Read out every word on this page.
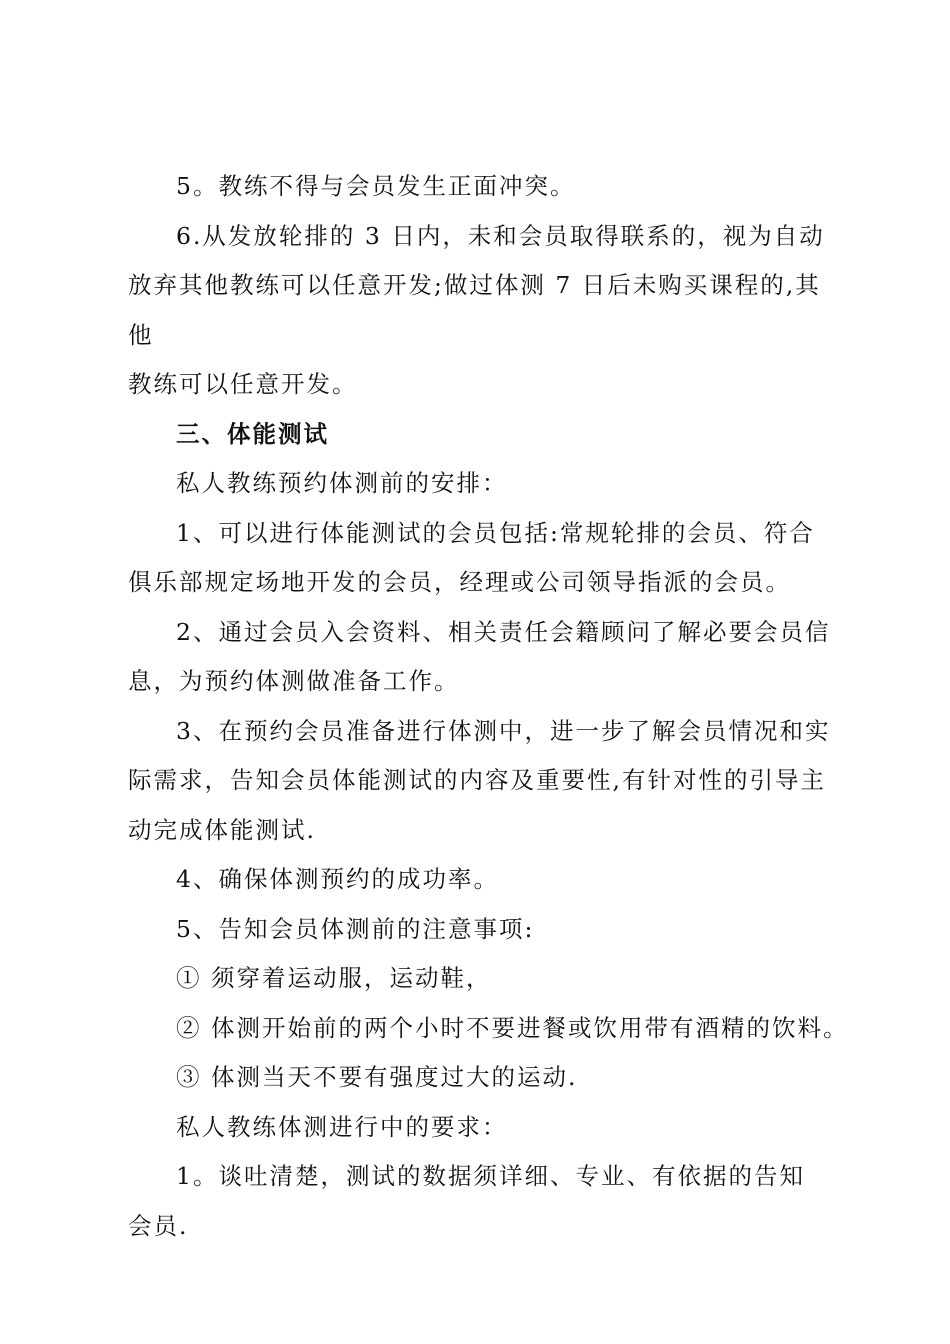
5。教练不得与会员发生正面冲突。

6.从发放轮排的 3 日内，未和会员取得联系的，视为自动
放弃其他教练可以任意开发;做过体测 7 日后未购买课程的,其他
教练可以任意开发。

三、体能测试

私人教练预约体测前的安排：

1、可以进行体能测试的会员包括:常规轮排的会员、符合
俱乐部规定场地开发的会员，经理或公司领导指派的会员。

2、通过会员入会资料、相关责任会籍顾问了解必要会员信
息，为预约体测做准备工作。

3、在预约会员准备进行体测中，进一步了解会员情况和实
际需求，告知会员体能测试的内容及重要性,有针对性的引导主
动完成体能测试.

4、确保体测预约的成功率。

5、告知会员体测前的注意事项:

① 须穿着运动服，运动鞋，

② 体测开始前的两个小时不要进餐或饮用带有酒精的饮料。

③ 体测当天不要有强度过大的运动.

私人教练体测进行中的要求：

1。谈吐清楚，测试的数据须详细、专业、有依据的告知
会员.
